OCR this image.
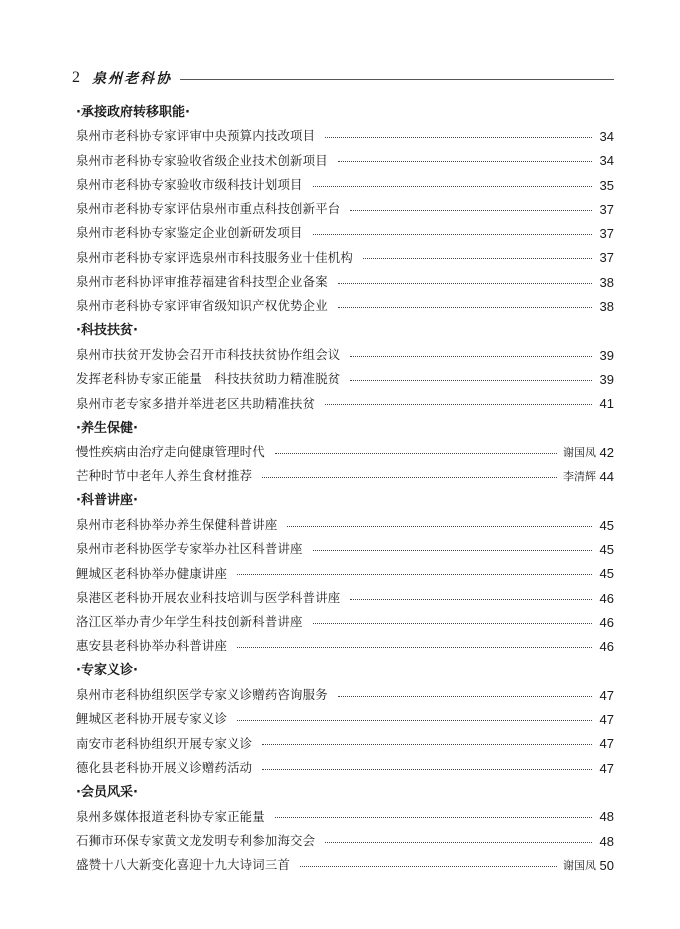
2 泉州老科协
·承接政府转移职能·
泉州市老科协专家评审中央预算内技改项目	34
泉州市老科协专家验收省级企业技术创新项目	34
泉州市老科协专家验收市级科技计划项目	35
泉州市老科协专家评估泉州市重点科技创新平台	37
泉州市老科协专家鉴定企业创新研发项目	37
泉州市老科协专家评选泉州市科技服务业十佳机构	37
泉州市老科协评审推荐福建省科技型企业备案	38
泉州市老科协专家评审省级知识产权优势企业	38
·科技扶贫·
泉州市扶贫开发协会召开市科技扶贫协作组会议	39
发挥老科协专家正能量　科技扶贫助力精准脱贫	39
泉州市老专家多措并举进老区共助精准扶贫	41
·养生保健·
慢性疾病由治疗走向健康管理时代	谢国凤 42
芒种时节中老年人养生食材推荐	李清辉 44
·科普讲座·
泉州市老科协举办养生保健科普讲座	45
泉州市老科协医学专家举办社区科普讲座	45
鲤城区老科协举办健康讲座	45
泉港区老科协开展农业科技培训与医学科普讲座	46
洛江区举办青少年学生科技创新科普讲座	46
惠安县老科协举办科普讲座	46
·专家义诊·
泉州市老科协组织医学专家义诊赠药咨询服务	47
鲤城区老科协开展专家义诊	47
南安市老科协组织开展专家义诊	47
德化县老科协开展义诊赠药活动	47
·会员风采·
泉州多媒体报道老科协专家正能量	48
石狮市环保专家黄文龙发明专利参加海交会	48
盛赞十八大新变化喜迎十九大诗词三首	谢国凤 50
